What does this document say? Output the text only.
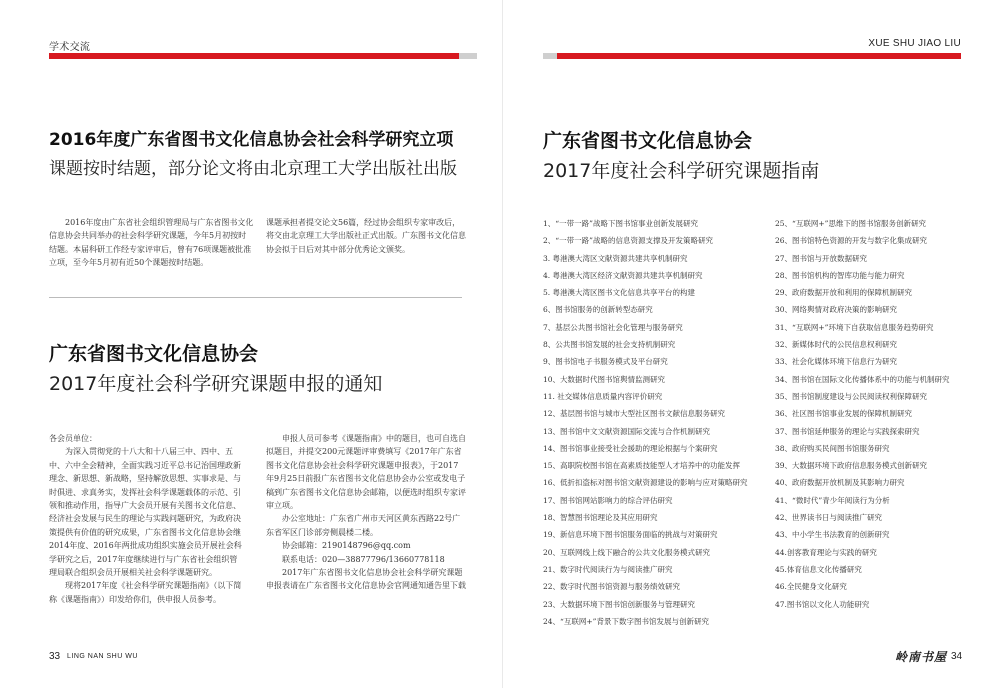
学术交流
2016年度广东省图书文化信息协会社会科学研究立项
课题按时结题，部分论文将由北京理工大学出版社出版

2016年度由广东省社会组织管理局与广东省图书文化信息协会共同举办的社会科学研究课题，今年5月初按时结题。本届科研工作经专家评审后，曾有76项课题被批准立项，至今年5月初有近50个课题按时结题。

课题承担者提交论文56篇，经过协会组织专家审改后，将交由北京理工大学出版社正式出版。广东图书文化信息协会拟于日后对其中部分优秀论文颁奖。

广东省图书文化信息协会
2017年度社会科学研究课题申报的通知

各会员单位：

为深入贯彻党的十八大和十八届三中、四中、五中、六中全会精神，全面实践习近平总书记治国理政新理念、新思想、新战略，坚持解放思想、实事求是、与时俱进、求真务实，发挥社会科学课题载体的示范、引领和推动作用，指导广大会员开展有关图书文化信息、经济社会发展与民生的理论与实践问题研究，为政府决策提供有价值的研究成果，广东省图书文化信息协会继2014年度、2016年两批成功组织实施会员开展社会科学研究之后，2017年度继续进行与广东省社会组织管理局联合组织会员开展相关社会科学课题研究。

现将2017年度《社会科学研究课题指南》（以下简称《课题指南》）印发给你们，供申报人员参考。

申报人员可参考《课题指南》中的题目，也可自选自拟题目，并提交200元课题评审费填写《2017年广东省图书文化信息协会社会科学研究课题申报表》，于2017年9月25日前报广东省图书文化信息协会办公室或发电子稿到广东省图书文化信息协会邮箱，以便选时组织专家评审立项。

办公室地址：广东省广州市天河区黄东西路22号广东省军区门诊部旁侧晨楼二楼。

协会邮箱：2190148796@qq.com

联系电话：020—38877796/13660778118

2017年广东省图书文化信息协会社会科学研究课题申报表请在广东省图书文化信息协会官网通知通告里下载

33 LING NAN SHU WU
XUE SHU JIAO LIU
广东省图书文化信息协会
2017年度社会科学研究课题指南
1、“一带一路”战略下图书馆事业创新发展研究
2、“一带一路”战略的信息资源支撑及开发策略研究
3. 粤港澳大湾区文献资源共建共享机制研究
4. 粤港澳大湾区经济文献资源共建共享机制研究
5. 粤港澳大湾区图书文化信息共享平台的构建
6、图书馆服务的创新转型态研究
7、基层公共图书馆社会化管理与服务研究
8、公共图书馆发展的社会支持机制研究
9、图书馆电子书服务模式及平台研究
10、大数据时代图书馆舆情监测研究
11. 社交媒体信息质量内容评价研究
12、基层图书馆与城市大型社区图书文献信息服务研究
13、图书馆中文文献资源国际交流与合作机制研究
14、图书馆事业接受社会援助的理论根据与个案研究
15、高职院校图书馆在高素质技能型人才培养中的功能发挥
16、低折扣盗标对图书馆文献资源建设的影响与应对策略研究
17、图书馆网站影响力的综合评估研究
18、智慧图书馆理论及其应用研究
19、新信息环境下图书馆服务面临的挑战与对策研究
20、互联网线上线下融合的公共文化服务模式研究
21、数字时代阅读行为与阅读推广研究
22、数字时代图书馆资源与服务绩效研究
23、大数据环境下图书馆创新服务与管理研究
24、“互联网+”背景下数字图书馆发展与创新研究
25、“互联网+”思维下的图书馆服务创新研究
26、图书馆特色资源的开发与数字化集成研究
27、图书馆与开放数据研究
28、图书馆机构的智库功能与能力研究
29、政府数据开放和利用的保障机制研究
30、网络舆情对政府决策的影响研究
31、“互联网+”环境下自获取信息服务趋势研究
32、新媒体时代的公民信息权利研究
33、社会化媒体环境下信息行为研究
34、图书馆在国际文化传播体系中的功能与机制研究
35、图书馆制度建设与公民阅读权利保障研究
36、社区图书馆事业发展的保障机制研究
37、图书馆延伸服务的理论与实践探索研究
38、政府购买民间图书馆服务研究
39、大数据环境下政府信息服务模式创新研究
40、政府数据开放机制及其影响力研究
41、“微时代”青少年阅读行为分析
42、世界读书日与阅读推广研究
43、中小学生书法教育的创新研究
44.创客教育理论与实践的研究
45.体育信息文化传播研究
46.全民健身文化研究
47.图书馆以文化人功能研究
岭南书屋 34
